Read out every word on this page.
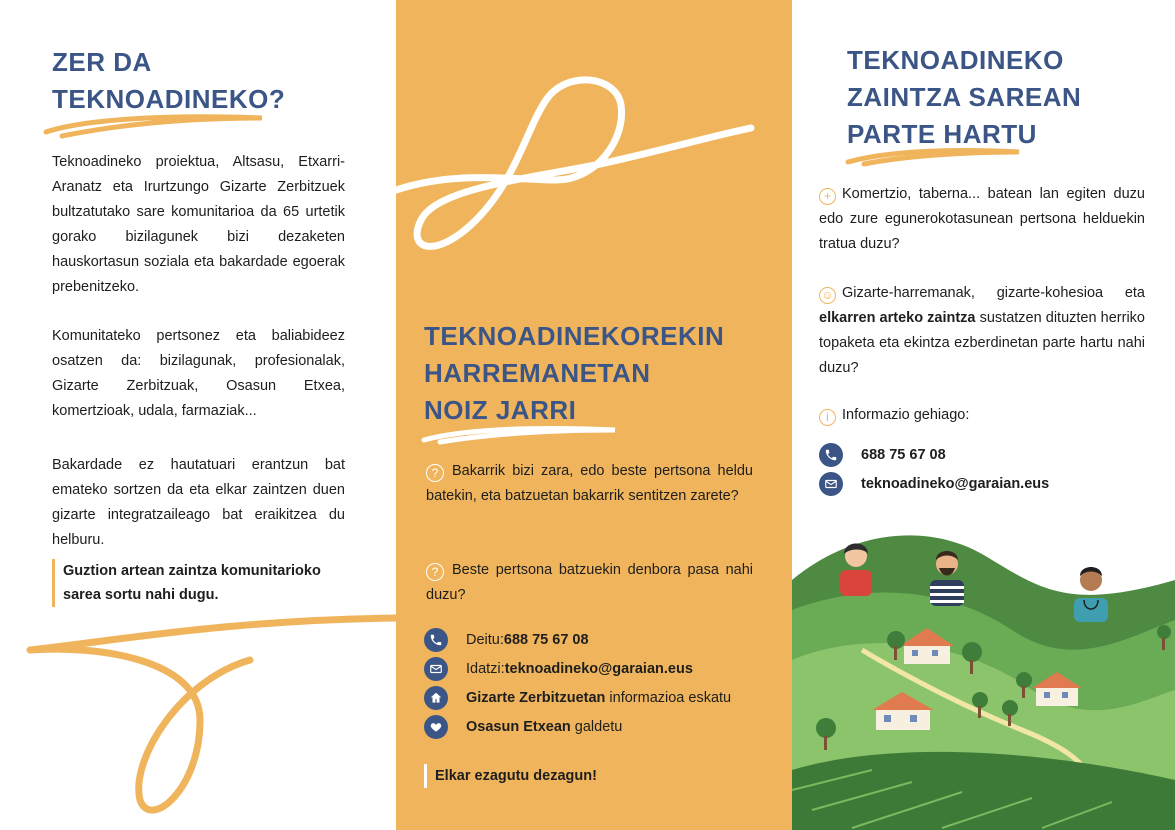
ZER DA
TEKNOADINEKO?

Teknoadineko proiektua, Altsasu, Etxarri-Aranatz eta Irurtzungo Gizarte Zerbitzuek bultzatutako sare komunitarioa da 65 urtetik gorako bizilagunek bizi dezaketen hauskortasun soziala eta bakardade egoerak prebenitzeko.

Komunitateko pertsonez eta baliabideez osatzen da: bizilagunak, profesionalak, Gizarte Zerbitzuak, Osasun Etxea, komertzioak, udala, farmaziak...

Bakardade ez hautatuari erantzun bat emateko sortzen da eta elkar zaintzen duen gizarte integratzaileago bat eraikitzea du helburu.

Guztion artean zaintza komunitarioko sarea sortu nahi dugu.

TEKNOADINEKOREKIN
HARREMANETAN
NOIZ JARRI

? Bakarrik bizi zara, edo beste pertsona heldu batekin, eta batzuetan bakarrik sentitzen zarete?

? Beste pertsona batzuekin denbora pasa nahi duzu?

Deitu: 688 75 67 08
Idatzi: teknoadineko@garaian.eus
Gizarte Zerbitzuetan informazioa eskatu
Osasun Etxean galdetu

Elkar ezagutu dezagun!

TEKNOADINEKO
ZAINTZA SAREAN
PARTE HARTU

+ Komertzio, taberna... batean lan egiten duzu edo zure egunerokotasunean pertsona helduekin tratua duzu?

☺ Gizarte-harremanak, gizarte-kohesioa eta elkarren arteko zaintza sustatzen dituzten herriko topaketa eta ekintza ezberdinetan parte hartu nahi duzu?

i Informazio gehiago:

688 75 67 08
teknoadineko@garaian.eus
